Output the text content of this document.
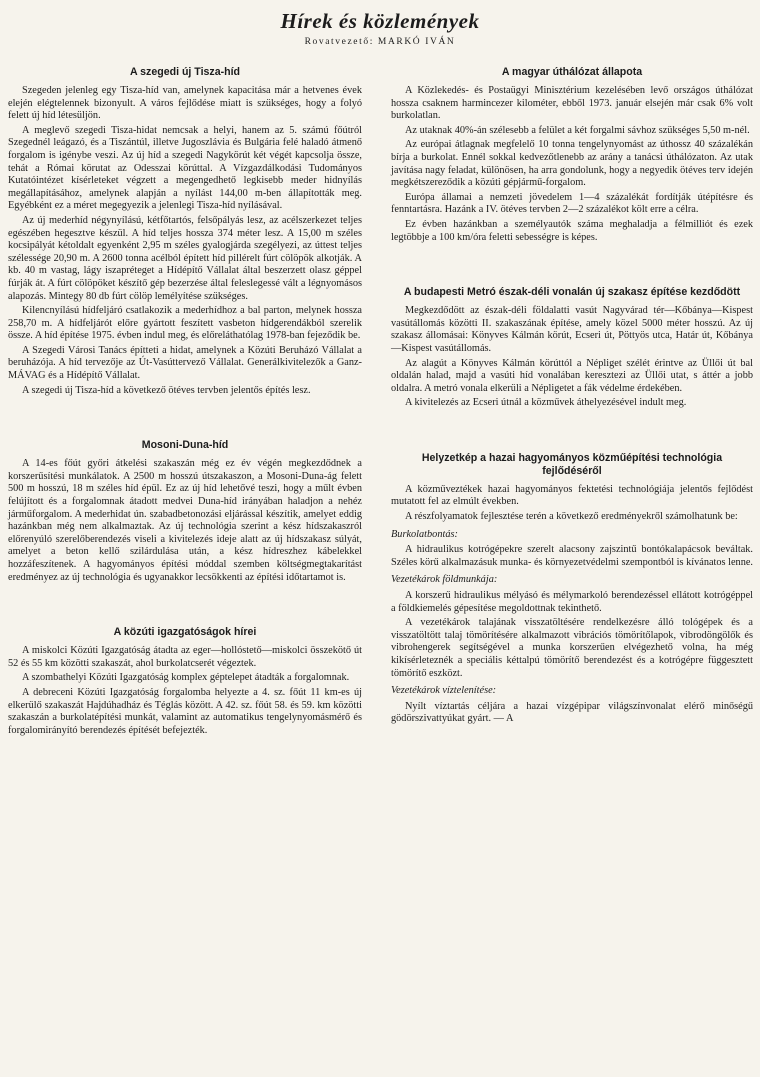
Hírek és közlemények
Rovatvezető: MARKÓ IVÁN
A szegedi új Tisza-híd

Szegeden jelenleg egy Tisza-híd van, amelynek kapacitása már a hetvenes évek elején elégtelennek bizonyult. A város fejlődése miatt is szükséges, hogy a folyó felett új híd létesüljön.

A meglevő szegedi Tisza-hidat nemcsak a helyi, hanem az 5. számú főútról Szegednél leágazó, és a Tiszántúl, illetve Jugoszlávia és Bulgária felé haladó átmenő forgalom is igénybe veszi. Az új híd a szegedi Nagykörút két végét kapcsolja össze, tehát a Római körutat az Odesszai körúttal. A Vízgazdálkodási Tudományos Kutatóintézet kísérleteket végzett a megengedhető legkisebb meder hidnyílás megállapításához, amelynek alapján a nyílást 144,00 m-ben állapították meg. Egyébként ez a méret megegyezik a jelenlegi Tisza-híd nyílásával.

Az új mederhíd négynyílású, kétfőtartós, felsőpályás lesz, az acélszerkezet teljes egészében hegesztve készül. A híd teljes hossza 374 méter lesz. A 15,00 m széles kocsipályát kétoldalt egyenként 2,95 m széles gyalogjárda szegélyezi, az úttest teljes szélessége 20,90 m. A 2600 tonna acélból épített híd pillérelt fúrt cölöpök alkotják. A kb. 40 m vastag, lágy iszapréteget a Hídépítő Vállalat által beszerzett olasz géppel fúrják át. A fúrt cölöpöket készítő gép bezerzése által feleslegessé vált a légnyomásos alapozás. Mintegy 80 db fúrt cölöp lemélyítése szükséges.

Kilencnyílású hídfeljáró csatlakozik a mederhídhoz a bal parton, melynek hossza 258,70 m. A hídfeljárót előre gyártott feszített vasbeton hídgerendákból szerelik össze. A híd építése 1975. évben indul meg, és előreláthatólag 1978-ban fejeződik be.

A Szegedi Városi Tanács építteti a hidat, amelynek a Közúti Beruházó Vállalat a beruházója. A híd tervezője az Út-Vasúttervező Vállalat. Generálkivitelezők a Ganz-MÁVAG és a Hídépítő Vállalat.

A szegedi új Tisza-híd a következő ötéves tervben jelentős építés lesz.

Mosoni-Duna-híd

A 14-es főút győri átkelési szakaszán még ez év végén megkezdődnek a korszerűsítési munkálatok. A 2500 m hosszú útszakaszon, a Mosoni-Duna-ág felett 500 m hosszú, 18 m széles híd épül. Ez az új híd lehetővé teszi, hogy a műlt évben felújított és a forgalomnak átadott medvei Duna-híd irányában haladjon a nehéz járműforgalom. A mederhidat ún. szabadbetonozási eljárással készítik, amelyet eddig hazánkban még nem alkalmaztak. Az új technológia szerint a kész hídszakaszról előrenyúló szerelőberendezés viseli a kivitelezés ideje alatt az új hídszakasz súlyát, amelyet a beton kellő szilárdulása után, a kész hídreszhez kábelekkel hozzáfeszítenek. A hagyományos építési móddal szemben költségmegtakarítást eredményez az új technológia és ugyanakkor lecsökkenti az építési időtartamot is.

A közúti igazgatóságok hírei

A miskolci Közúti Igazgatóság átadta az eger—hollóstető—miskolci összekötő út 52 és 55 km közötti szakaszát, ahol burkolatcserét végeztek.

A szombathelyi Közúti Igazgatóság komplex géptelepet átadták a forgalomnak.

A debreceni Közúti Igazgatóság forgalomba helyezte a 4. sz. főút 11 km-es új elkerülő szakaszát Hajdúhadház és Téglás között. A 42. sz. főút 58. és 59. km közötti szakaszán a burkolatépítési munkát, valamint az automatikus tengelynyomásmérő és forgalomirányító berendezés építését befejezték.

A magyar úthálózat állapota

A Közlekedés- és Postaügyi Minisztérium kezelésében levő országos úthálózat hossza csaknem harmincezer kilométer, ebből 1973. január elsején már csak 6% volt burkolatlan.

Az utaknak 40%-án szélesebb a felület a két forgalmi sávhoz szükséges 5,50 m-nél.

Az európai átlagnak megfelelő 10 tonna tengelynyomást az úthossz 40 százalékán bírja a burkolat. Ennél sokkal kedvezőtlenebb az arány a tanácsi úthálózaton. Az utak javítása nagy feladat, különösen, ha arra gondolunk, hogy a negyedik ötéves terv idején megkétszereződik a közúti gépjármű-forgalom.

Európa államai a nemzeti jövedelem 1—4 százalékát fordítják útépítésre és fenntartásra. Hazánk a IV. ötéves tervben 2—2 százalékot költ erre a célra.

Ez évben hazánkban a személyautók száma meghaladja a félmilliót és ezek legtöbbje a 100 km/óra feletti sebességre is képes.

A budapesti Metró észak-déli vonalán új szakasz építése kezdődött

Megkezdődött az észak-déli földalatti vasút Nagyvárad tér—Kőbánya—Kispest vasútállomás közötti II. szakaszának építése, amely közel 5000 méter hosszú. Az új szakasz állomásai: Könyves Kálmán körút, Ecseri út, Pöttyös utca, Határ út, Kőbánya—Kispest vasútállomás.

Az alagút a Könyves Kálmán körúttól a Népliget szélét érintve az Üllői út bal oldalán halad, majd a vasúti híd vonalában keresztezi az Üllői utat, s áttér a jobb oldalra. A metró vonala elkerüli a Népligetet a fák védelme érdekében.

A kivitelezés az Ecseri útnál a közművek áthelyezésével indult meg.

Helyzetkép a hazai hagyományos közműépítési technológia fejlődéséről

A közműveztékek hazai hagyományos fektetési technológiája jelentős fejlődést mutatott fel az elmúlt években.

A részfolyamatok fejlesztése terén a következő eredményekről számolhatunk be:

Burkolatbontás:

A hidraulikus kotrógépekre szerelt alacsony zajszintű bontókalapácsok beváltak. Széles körű alkalmazásuk munka- és környezetvédelmi szempontból is kívánatos lenne.

Vezetékárok földmunkája:

A korszerű hidraulikus mélyásó és mélymarkoló berendezéssel ellátott kotrógéppel a földkiemelés gépesítése megoldottnak tekinthető.

A vezetékárok talajának visszatöltésére rendelkezésre álló tológépek és a visszatöltött talaj tömörítésére alkalmazott vibrációs tömörítőlapok, vibrodöngölők és vibrohengerek segítségével a munka korszerűen elvégezhető volna, ha még kikísérleteznék a speciális kéttalpú tömörítő berendezést és a kotrógépre függesztett tömörítő eszközt.

Vezetékárok víztelenítése:

Nyílt víztartás céljára a hazai vízgépipar világszínvonalat elérő minőségű gödörszivattyúkat gyárt. — A
